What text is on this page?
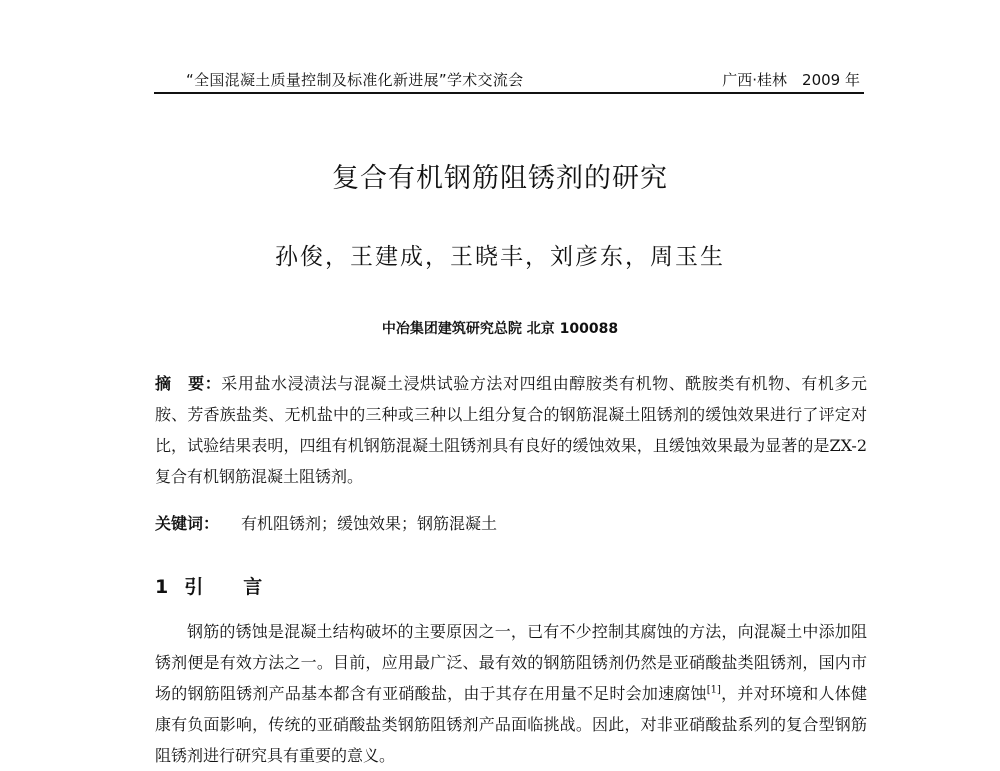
“全国混凝土质量控制及标准化新进展”学术交流会	广西·桂林　2009 年
复合有机钢筋阻锈剂的研究
孙俊，王建成，王晓丰，刘彦东，周玉生
中冶集团建筑研究总院 北京 100088
摘　要：采用盐水浸渍法与混凝土浸烘试验方法对四组由醇胺类有机物、酰胺类有机物、有机多元胺、芳香族盐类、无机盐中的三种或三种以上组分复合的钢筋混凝土阻锈剂的缓蚀效果进行了评定对比，试验结果表明，四组有机钢筋混凝土阻锈剂具有良好的缓蚀效果，且缓蚀效果最为显著的是ZX-2复合有机钢筋混凝土阻锈剂。
关键词： 有机阻锈剂；缓蚀效果；钢筋混凝土
1 引 言
钢筋的锈蚀是混凝土结构破坏的主要原因之一，已有不少控制其腐蚀的方法，向混凝土中添加阻锈剂便是有效方法之一。目前，应用最广泛、最有效的钢筋阻锈剂仍然是亚硝酸盐类阻锈剂，国内市场的钢筋阻锈剂产品基本都含有亚硝酸盐，由于其存在用量不足时会加速腐蚀[1]，并对环境和人体健康有负面影响，传统的亚硝酸盐类钢筋阻锈剂产品面临挑战。因此，对非亚硝酸盐系列的复合型钢筋阻锈剂进行研究具有重要的意义。
